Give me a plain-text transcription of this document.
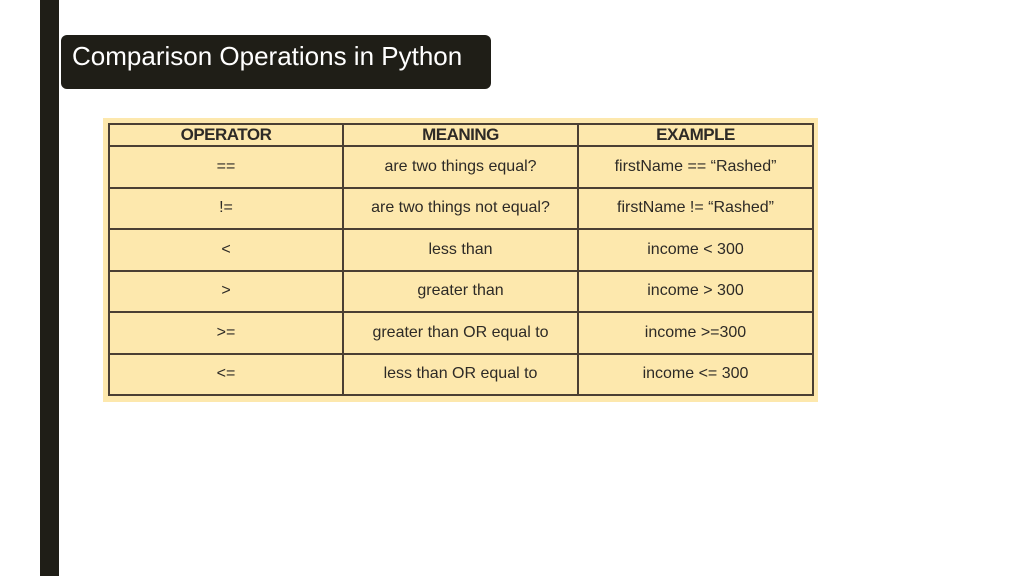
Comparison Operations in Python
OPERATOR	MEANING	EXAMPLE
==	are two things equal?	firstName == “Rashed”
!=	are two things not equal?	firstName != “Rashed”
<	less than	income < 300
>	greater than	income > 300
>=	greater than OR equal to	income >=300
<=	less than OR equal to	income <= 300
